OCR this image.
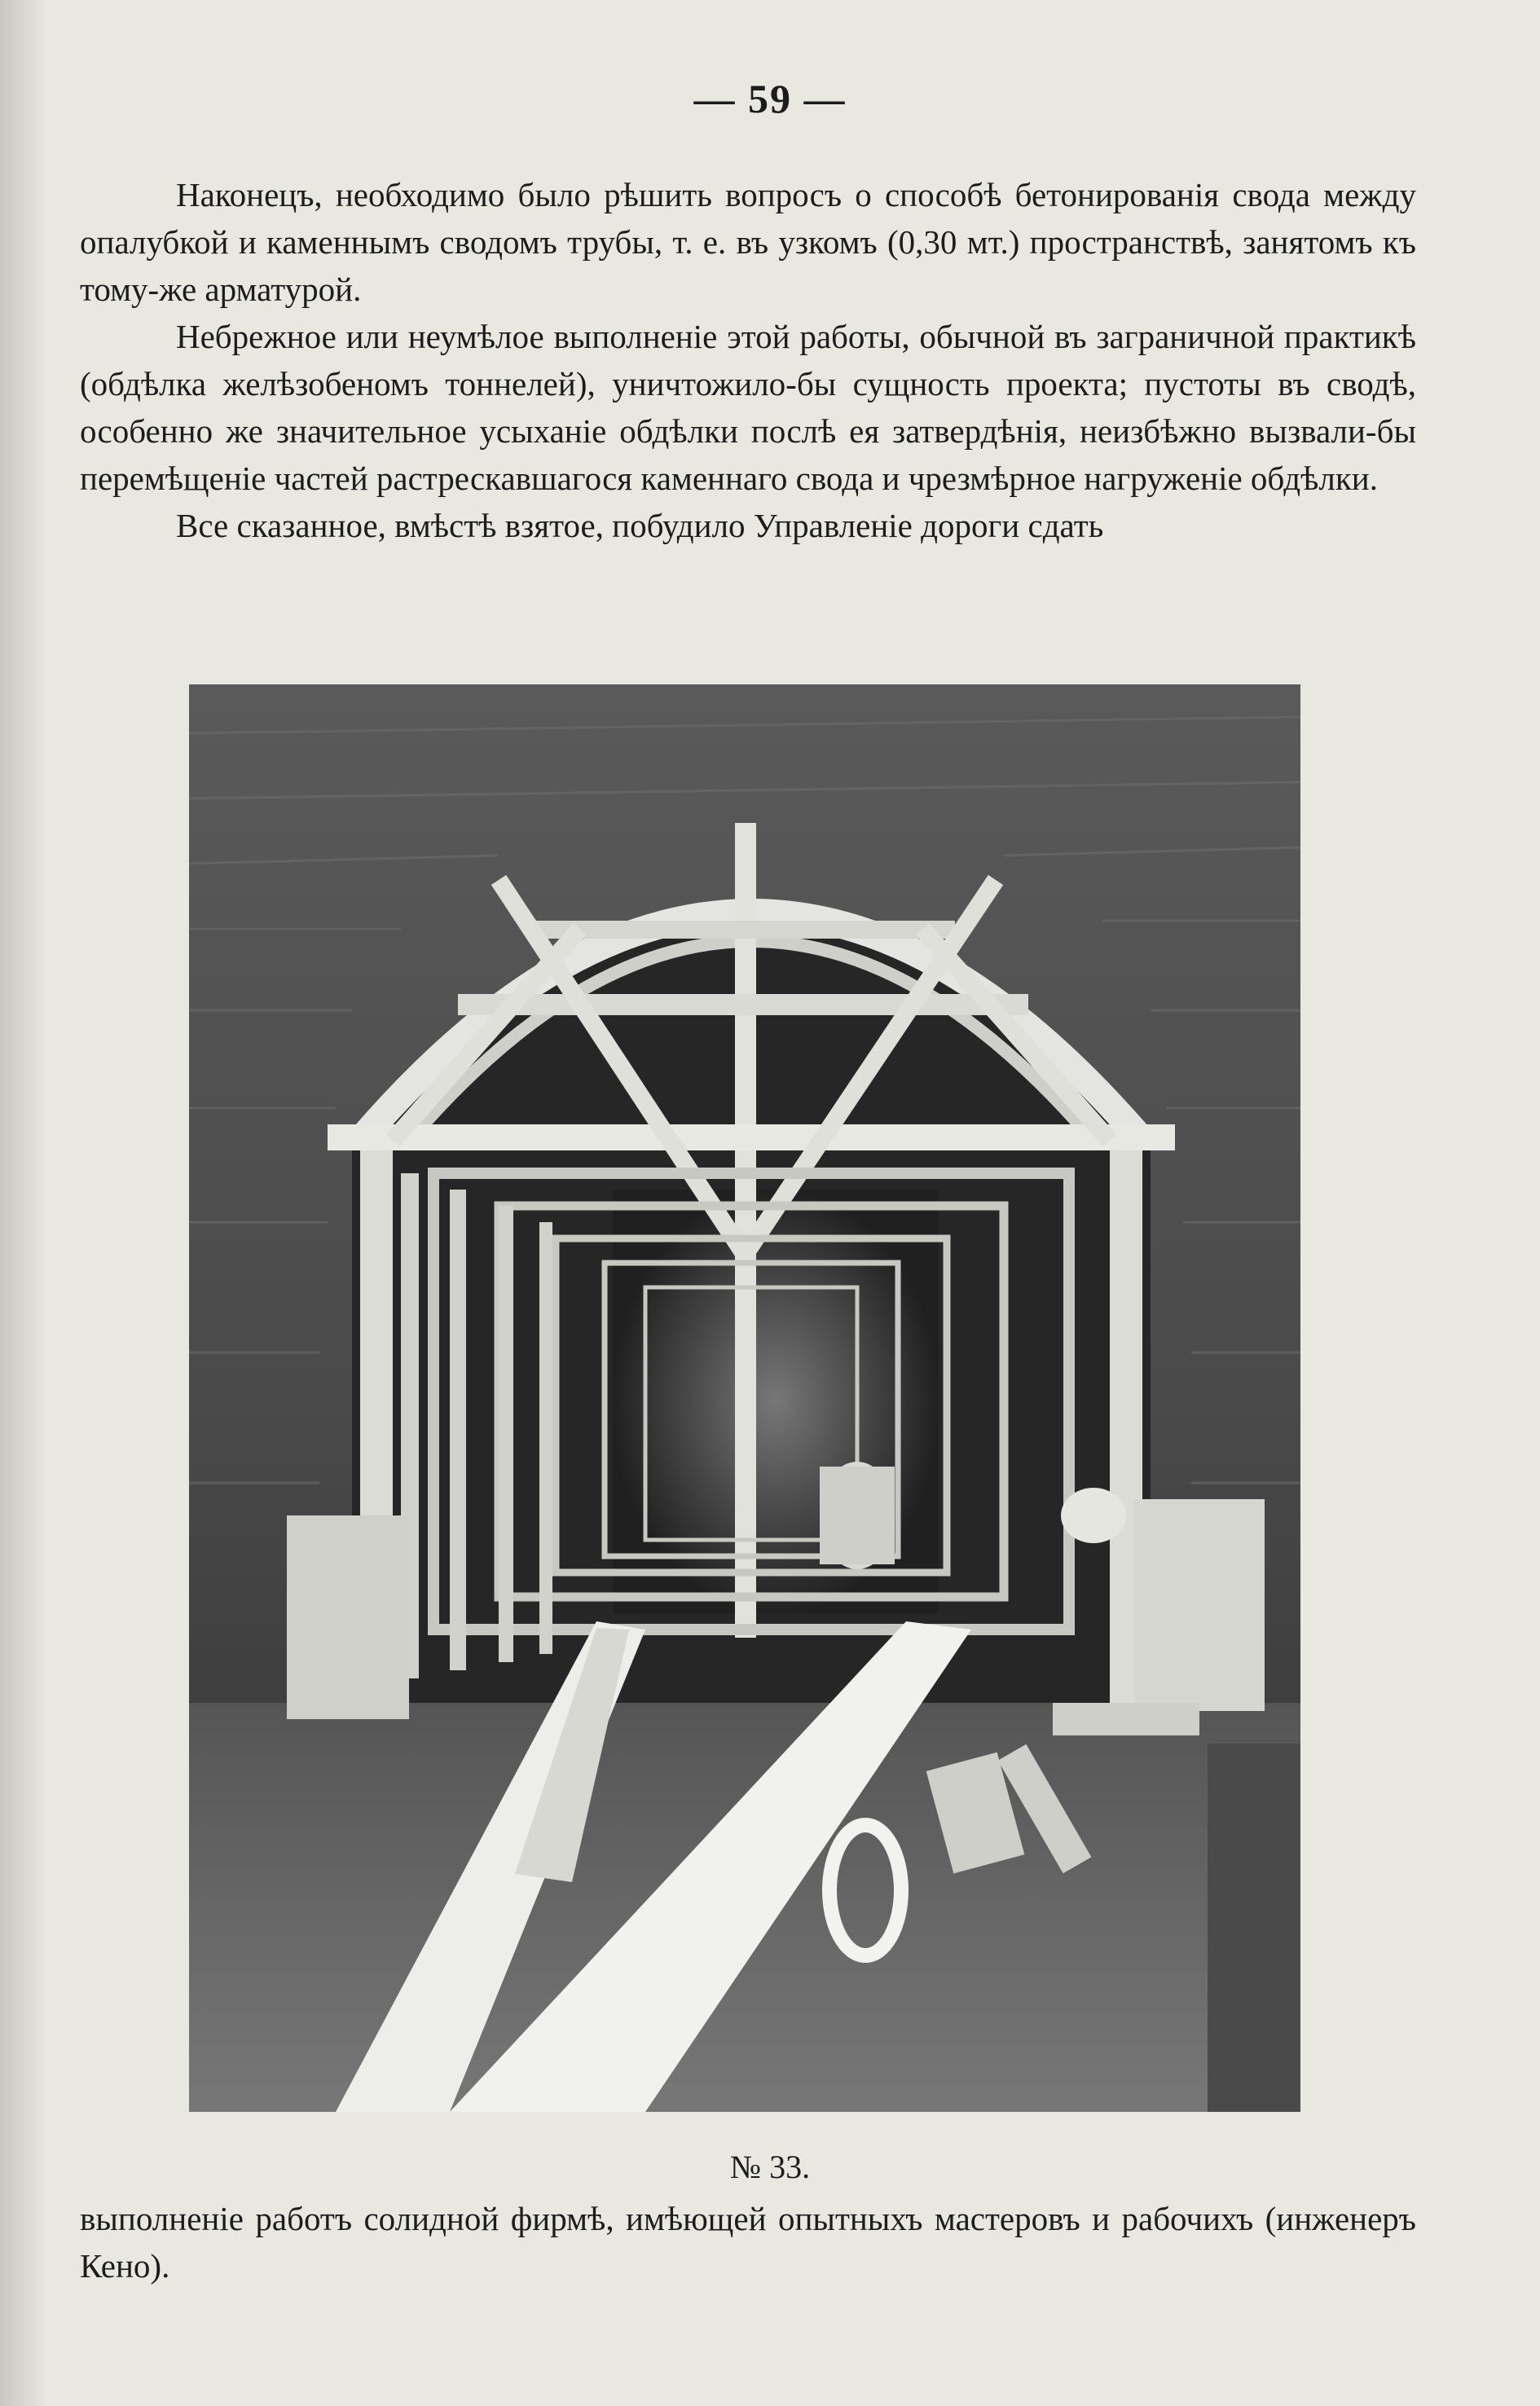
— 59 —

Наконецъ, необходимо было рѣшить вопросъ о способѣ бетонированія свода между опалубкой и каменнымъ сводомъ трубы, т. е. въ узкомъ (0,30 мт.) пространствѣ, занятомъ къ тому-же арматурой.

Небрежное или неумѣлое выполненіе этой работы, обычной въ заграничной практикѣ (обдѣлка желѣзобеномъ тоннелей), уничтожило-бы сущность проекта; пустоты въ сводѣ, особенно же значительное усыханіе обдѣлки послѣ ея затвердѣнія, неизбѣжно вызвали-бы перемѣщеніе частей растрескавшагося каменнаго свода и чрезмѣрное нагруженіе обдѣлки.

Все сказанное, вмѣстѣ взятое, побудило Управленіе дороги сдать

№ 33.

выполненіе работъ солидной фирмѣ, имѣющей опытныхъ мастеровъ и рабочихъ (инженеръ Кено).
